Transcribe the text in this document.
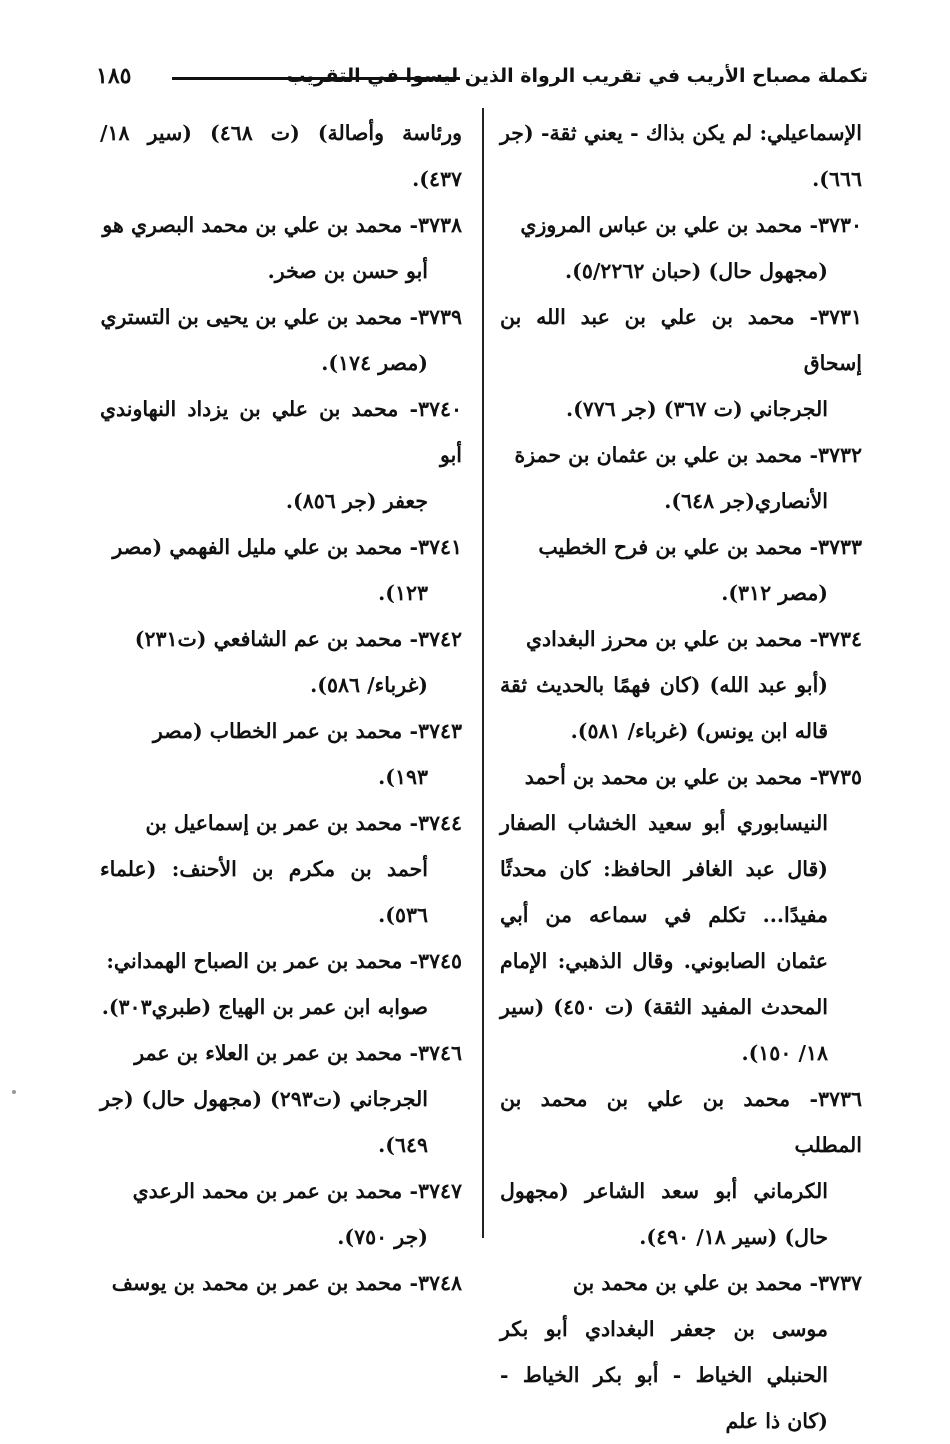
تكملة مصباح الأريب في تقريب الرواة الذين ليسوا في التقريب
١٨٥
الإسماعيلي: لم يكن بذاك - يعني ثقة- (جر ٦٦٦).
٣٧٣٠- محمد بن علي بن عباس المروزي
(مجهول حال) (حبان ٥/٢٢٦٢).
٣٧٣١- محمد بن علي بن عبد الله بن إسحاق
الجرجاني (ت ٣٦٧) (جر ٧٧٦).
٣٧٣٢- محمد بن علي بن عثمان بن حمزة
الأنصاري(جر ٦٤٨).
٣٧٣٣- محمد بن علي بن فرح الخطيب
(مصر ٣١٢).
٣٧٣٤- محمد بن علي بن محرز البغدادي
(أبو عبد الله) (كان فهمًا بالحديث ثقة قاله ابن يونس) (غرباء/ ٥٨١).
٣٧٣٥- محمد بن علي بن محمد بن أحمد
النيسابوري أبو سعيد الخشاب الصفار (قال عبد الغافر الحافظ: كان محدثًا مفيدًا... تكلم في سماعه من أبي عثمان الصابوني. وقال الذهبي: الإمام المحدث المفيد الثقة) (ت ٤٥٠) (سير ١٨/ ١٥٠).
٣٧٣٦- محمد بن علي بن محمد بن المطلب
الكرماني أبو سعد الشاعر (مجهول حال) (سير ١٨/ ٤٩٠).
٣٧٣٧- محمد بن علي بن محمد بن
موسى بن جعفر البغدادي أبو بكر الحنبلي الخياط - أبو بكر الخياط - (كان ذا علم
ورئاسة وأصالة) (ت ٤٦٨) (سير ١٨/ ٤٣٧).
٣٧٣٨- محمد بن علي بن محمد البصري هو
أبو حسن بن صخر.
٣٧٣٩- محمد بن علي بن يحيى بن التستري
(مصر ١٧٤).
٣٧٤٠- محمد بن علي بن يزداد النهاوندي أبو
جعفر (جر ٨٥٦).
٣٧٤١- محمد بن علي مليل الفهمي (مصر
١٢٣).
٣٧٤٢- محمد بن عم الشافعي (ت٢٣١)
(غرباء/ ٥٨٦).
٣٧٤٣- محمد بن عمر الخطاب (مصر
١٩٣).
٣٧٤٤- محمد بن عمر بن إسماعيل بن
أحمد بن مكرم بن الأحنف: (علماء ٥٣٦).
٣٧٤٥- محمد بن عمر بن الصباح الهمداني:
صوابه ابن عمر بن الهياج (طبري٣٠٣).
٣٧٤٦- محمد بن عمر بن العلاء بن عمر
الجرجاني (ت٢٩٣) (مجهول حال) (جر ٦٤٩).
٣٧٤٧- محمد بن عمر بن محمد الرعدي
(جر ٧٥٠).
٣٧٤٨- محمد بن عمر بن محمد بن يوسف
